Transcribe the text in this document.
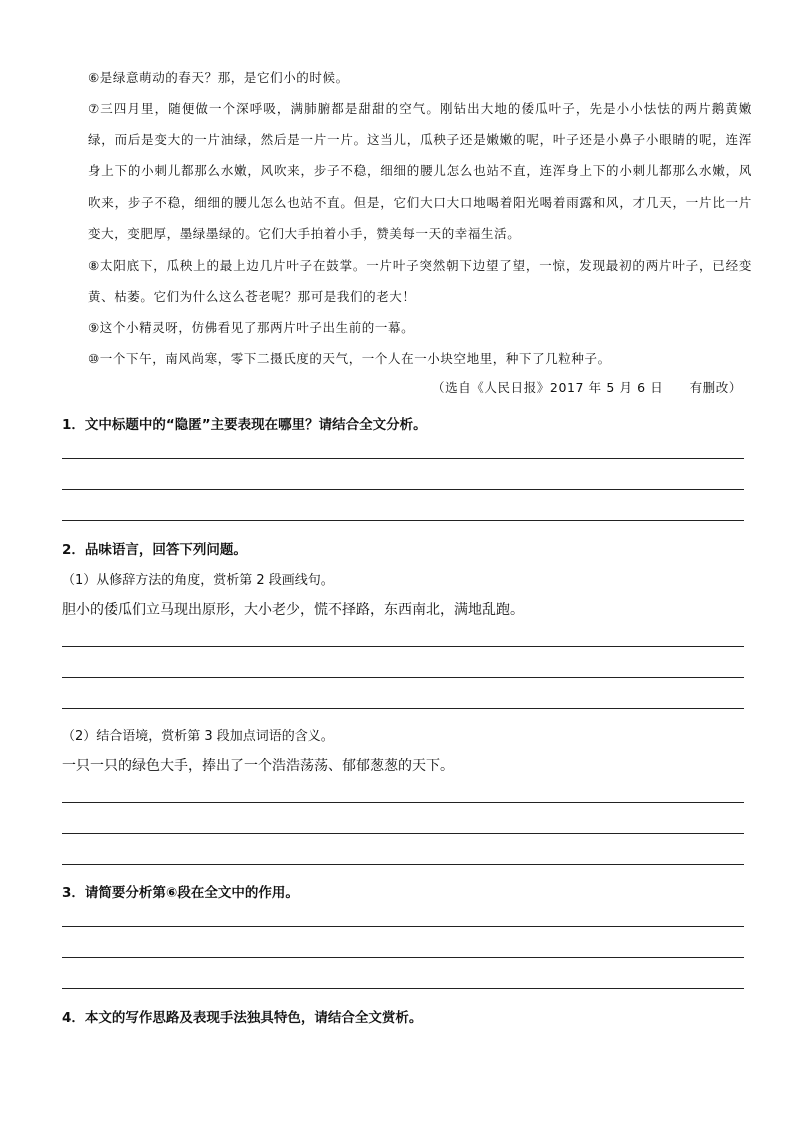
⑥是绿意萌动的春天？那，是它们小的时候。
⑦三四月里，随便做一个深呼吸，满肺腑都是甜甜的空气。刚钻出大地的倭瓜叶子，先是小小怯怯的两片鹅黄嫩绿，而后是变大的一片油绿，然后是一片一片。这当儿，瓜秧子还是嫩嫩的呢，叶子还是小鼻子小眼睛的呢，连浑身上下的小刺儿都那么水嫩，风吹来，步子不稳，细细的腰儿怎么也站不直，连浑身上下的小刺儿都那么水嫩，风吹来，步子不稳，细细的腰儿怎么也站不直。但是，它们大口大口地喝着阳光喝着雨露和风，才几天，一片比一片变大，变肥厚，墨绿墨绿的。它们大手拍着小手，赞美每一天的幸福生活。
⑧太阳底下，瓜秧上的最上边几片叶子在鼓掌。一片叶子突然朝下边望了望，一惊，发现最初的两片叶子，已经变黄、枯萎。它们为什么这么苍老呢？那可是我们的老大！
⑨这个小精灵呀，仿佛看见了那两片叶子出生前的一幕。
⑩一个下午，南风尚寒，零下二摄氏度的天气，一个人在一小块空地里，种下了几粒种子。
（选自《人民日报》2017 年 5 月 6 日　　有删改）
1．文中标题中的“隐匿”主要表现在哪里？请结合全文分析。
2．品味语言，回答下列问题。
（1）从修辞方法的角度，赏析第 2 段画线句。
胆小的倭瓜们立马现出原形，大小老少，慌不择路，东西南北，满地乱跑。
（2）结合语境，赏析第 3 段加点词语的含义。
一只一只的绿色大手，捧出了一个浩浩荡荡、郁郁葱葱的天下。
3．请简要分析第⑥段在全文中的作用。
4．本文的写作思路及表现手法独具特色，请结合全文赏析。
